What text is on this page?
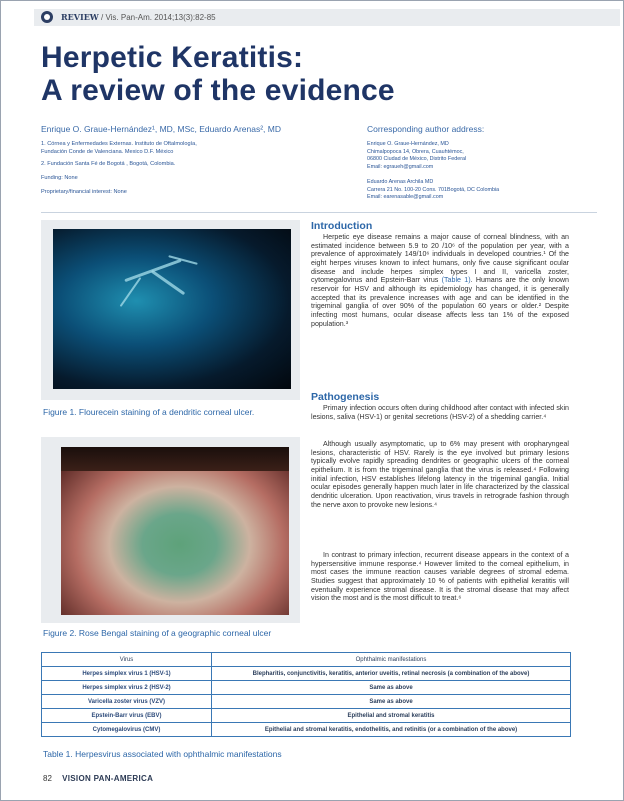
REVIEW / Vis. Pan-Am. 2014;13(3):82-85
Herpetic Keratitis:
A review of the evidence
Enrique O. Graue-Hernández¹, MD, MSc, Eduardo Arenas², MD
1. Córnea y Enfermedades Externas. Instituto de Oftalmología,
Fundación Conde de Valenciana. Mexico D.F. México
2. Fundación Santa Fé de Bogotá , Bogotá, Colombia.
Funding: None
Proprietary/financial interest: None
Corresponding author address:
Enrique O. Graue-Hernández, MD
Chimalpopoca 14, Obrera, Cuauhtémoc,
06800 Ciudad de México, Distrito Federal
Email: egraueh@gmail.com
Eduardo Arenas Archila MD
Carrera 21 No. 100-20 Cons. 701Bogotá, DC Colombia
Email: earenasable@gmail.com
Figure 1. Flourecein staining of a dendritic corneal ulcer.
Figure 2. Rose Bengal staining of a geographic corneal ulcer
Introduction
Herpetic eye disease remains a major cause of corneal blindness, with an estimated incidence between 5.9 to 20 /10⁶ of the population per year, with a prevalence of approximately 149/10⁶ individuals in developed countries.¹ Of the eight herpes viruses known to infect humans, only five cause significant ocular disease and include herpes simplex types I and II, varicella zoster, cytomegalovirus and Epstein-Barr virus (Table 1). Humans are the only known reservoir for HSV and although its epidemiology has changed, it is generally accepted that its prevalence increases with age and can be identified in the trigeminal ganglia of over 90% of the population 60 years or older.² Despite infecting most humans, ocular disease affects less tan 1% of the exposed population.³
Pathogenesis
Primary infection occurs often during childhood after contact with infected skin lesions, saliva (HSV-1) or genital secretions (HSV-2) of a shedding carrier.⁴
Although usually asymptomatic, up to 6% may present with oropharyngeal lesions, characteristic of HSV. Rarely is the eye involved but primary lesions typically evolve rapidly spreading dendrites or geographic ulcers of the corneal epithelium. It is from the trigeminal ganglia that the virus is released.⁴ Following initial infection, HSV establishes lifelong latency in the trigeminal ganglia. Initial ocular episodes generally happen much later in life characterized by the classical dendritic ulceration. Upon reactivation, virus travels in retrograde fashion through the nerve axon to provoke new lesions.⁴
In contrast to primary infection, recurrent disease appears in the context of a hypersensitive immune response.⁴ However limited to the corneal epithelium, in most cases the immune reaction causes variable degrees of stromal edema. Studies suggest that approximately 10 % of patients with epithelial keratitis will eventually experience stromal disease. It is the stromal disease that may affect vision the most and is the most difficult to treat.⁶
Virus	Ophthalmic manifestations
Herpes simplex virus 1 (HSV-1)	Blepharitis, conjunctivitis, keratitis, anterior uveitis, retinal necrosis (a combination of the above)
Herpes simplex virus 2 (HSV-2)	Same as above
Varicella zoster virus (VZV)	Same as above
Epstein-Barr virus (EBV)	Epithelial and stromal keratitis
Cytomegalovirus (CMV)	Epithelial and stromal keratitis, endothelitis, and retinitis (or a combination of the above)
Table 1. Herpesvirus associated with ophthalmic manifestations
82 VISION PAN-AMERICA
